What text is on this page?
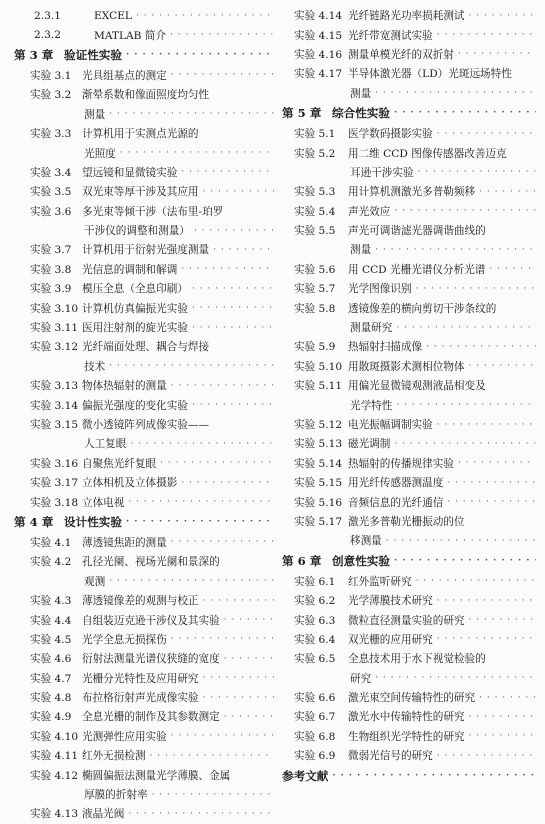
2.3.1	EXCEL
· · ·
2.3.2	MATLAB 简介
· · ·
第 3 章 验证性实验
· · ·
实验 3.1 光具组基点的测定
· · ·
实验 3.2 渐晕系数和像面照度均匀性
测量
· · ·
实验 3.3 计算机用于实测点光源的
光照度
· · ·
实验 3.4 望远镜和显微镜实验
· · ·
实验 3.5 双光束等厚干涉及其应用
· · ·
实验 3.6 多光束等倾干涉（法布里-珀罗
干涉仪的调整和测量）
· · ·
实验 3.7 计算机用于衍射光强度测量
· · ·
实验 3.8 光信息的调制和解调
· · ·
实验 3.9 模压全息（全息印刷）
· · ·
实验 3.10 计算机仿真偏振光实验
· · ·
实验 3.11 医用注射剂的旋光实验
· · ·
实验 3.12 光纤端面处理、耦合与焊接
技术
· · ·
实验 3.13 物体热辐射的测量
· · ·
实验 3.14 偏振光强度的变化实验
· · ·
实验 3.15 微小透镜阵列成像实验——
人工复眼
· · ·
实验 3.16 自聚焦光纤复眼
· · ·
实验 3.17 立体相机及立体摄影
· · ·
实验 3.18 立体电视
· · ·
第 4 章 设计性实验
· · ·
实验 4.1 薄透镜焦距的测量
· · ·
实验 4.2 孔径光阑、视场光阑和景深的
观测
· · ·
实验 4.3 薄透镜像差的观测与校正
· · ·
实验 4.4 自组装迈克逊干涉仪及其实验
· · ·
实验 4.5 光学全息无损探伤
· · ·
实验 4.6 衍射法测量光谱仪狭缝的宽度
· · ·
实验 4.7 光栅分光特性及应用研究
· · ·
实验 4.8 布拉格衍射声光成像实验
· · ·
实验 4.9 全息光栅的制作及其参数测定
· · ·
实验 4.10 光测弹性应用实验
· · ·
实验 4.11 红外无损检测
· · ·
实验 4.12 椭圆偏振法测量光学薄膜、金属
厚膜的折射率
· · ·
实验 4.13 液晶光阀
· · ·
实验 4.14 光纤链路光功率损耗测试
· · ·
实验 4.15 光纤带宽测试实验
· · ·
实验 4.16 测量单模光纤的双折射
· · ·
实验 4.17 半导体激光器（LD）光斑远场特性
测量
· · ·
第 5 章 综合性实验
· · ·
实验 5.1	医学数码摄影实验
· · ·
实验 5.2	用二维 CCD 图像传感器改善迈克
耳逊干涉实验
· · ·
实验 5.3	用计算机测激光多普勒频移
· · ·
实验 5.4	声光效应
· · ·
实验 5.5	声光可调谐滤光器调谐曲线的
测量
· · ·
实验 5.6	用 CCD 光栅光谱仪分析光谱
· · ·
实验 5.7	光学图像识别
· · ·
实验 5.8	透镜像差的横向剪切干涉条纹的
测量研究
· · ·
实验 5.9	热辐射扫描成像
· · ·
实验 5.10 用散斑摄影术测相位物体
· · ·
实验 5.11 用偏光显微镜观测液晶相变及
光学特性
· · ·
实验 5.12 电光振幅调制实验
· · ·
实验 5.13 磁光调制
· · ·
实验 5.14 热辐射的传播规律实验
· · ·
实验 5.15 用光纤传感器测温度
· · ·
实验 5.16 音频信息的光纤通信
· · ·
实验 5.17 激光多普勒光栅振动的位
移测量
· · ·
第 6 章 创意性实验
· · ·
实验 6.1	红外监听研究
· · ·
实验 6.2	光学薄膜技术研究
· · ·
实验 6.3	微粒直径测量实验的研究
· · ·
实验 6.4	双光栅的应用研究
· · ·
实验 6.5	全息技术用于水下视觉检验的
研究
· · ·
实验 6.6	激光束空间传输特性的研究
· · ·
实验 6.7	激光水中传输特性的研究
· · ·
实验 6.8	生物组织光学特性的研究
· · ·
实验 6.9	微弱光信号的研究
· · ·
参考文献
· · ·
